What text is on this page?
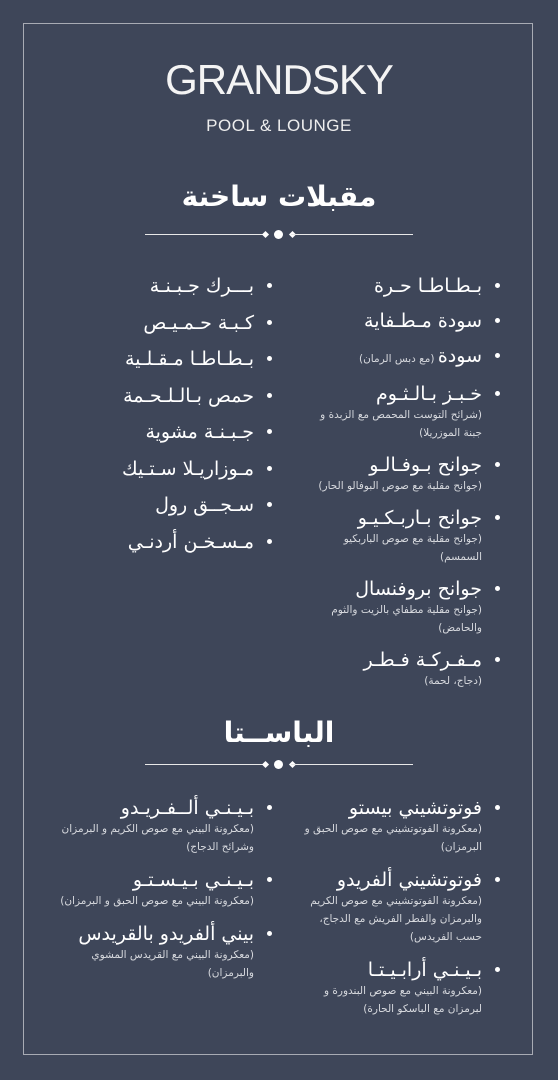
GRANDSKY
POOL & LOUNGE
مقبلات ساخنة
بـطـاطـا حـرة
سودة مـطـفاية
سودة (مع دبس الرمان)
خـبـز بـالـثـوم
(شرائح التوست المحمص مع الزبدة و جبنة الموزريلا)
جوانح بـوفـالـو
(جوانح مقلية مع صوص البوفالو الحار)
جوانح بـاربـكـيـو
(جوانح مقلية مع صوص الباربكيو السمسم)
جوانح بروفنسال
(جوانح مقلية مطفاي بالزيت والثوم والحامض)
مـفـركـة فـطـر
(دجاج، لحمة)
بـــرك جـبـنـة
كـبـة حـمـيـص
بـطـاطـا مـقـلـية
حمص بـالـلـحـمة
جـبـنـة مشوية
مـوزاريـلا سـتـيك
سـجــق رول
مـسـخـن أردنـي
الباســتا
فوتوتشيني بيستو
(معكرونة الفوتوتشيني مع صوص الحبق و البرمزان)
فوتوتشيني ألفريدو
(معكرونة الفوتوتشيني مع صوص الكريم والبرمزان والفطر الفريش مع الدجاج، حسب الفريدس)
بـيـنـي أرابـيـتـا
(معكرونة البيني مع صوص البندورة و لبرمزان مع الباسكو الحارة)
بـيـنـي ألــفـريـدو
(معكرونة البيني مع صوص الكريم و البرمزان وشرائح الدجاج)
بـيـنـي بـيـسـتـو
(معكرونة البيني مع صوص الحبق و البرمزان)
بيني ألفريدو بالقريدس
(معكرونة البيني مع القريدس المشوي والبرمزان)
